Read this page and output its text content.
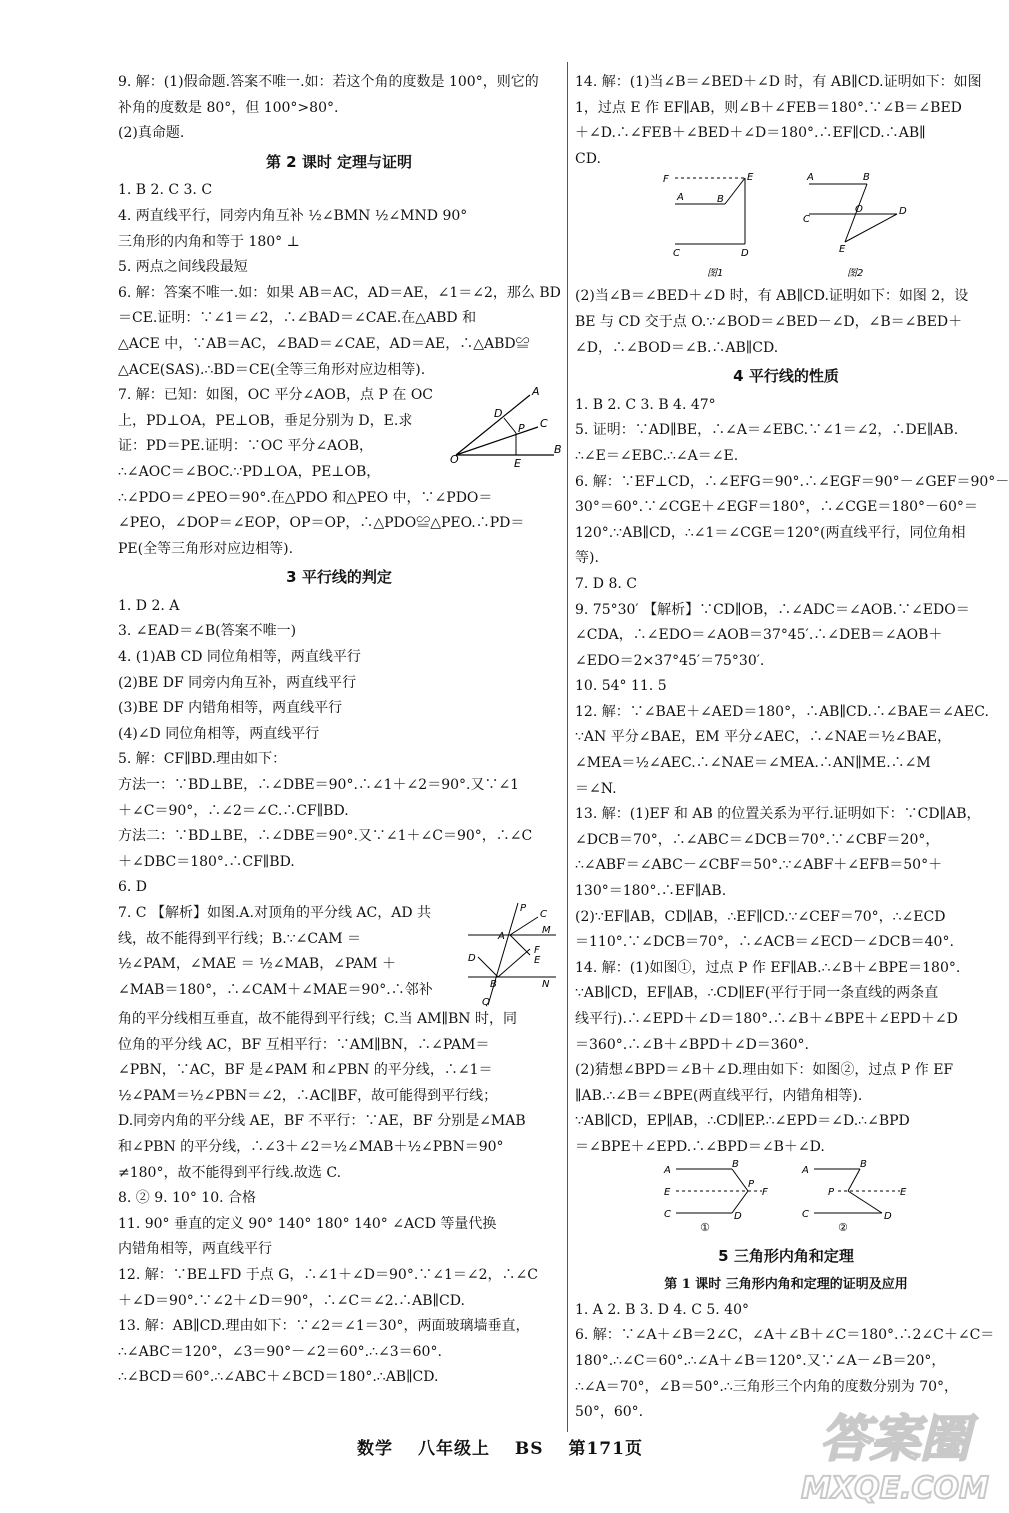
9. 解：(1)假命题.答案不唯一.如：若这个角的度数是 100°，则它的
补角的度数是 80°，但 100°>80°.
(2)真命题.
第 2 课时 定理与证明
1. B 2. C 3. C
4. 两直线平行，同旁内角互补 ½∠BMN ½∠MND 90°
三角形的内角和等于 180° ⊥
5. 两点之间线段最短
6. 解：答案不唯一.如：如果 AB＝AC，AD＝AE，∠1＝∠2，那么 BD
＝CE.证明：∵∠1＝∠2，∴∠BAD＝∠CAE.在△ABD 和
△ACE 中，∵AB＝AC，∠BAD＝∠CAE，AD＝AE，∴△ABD≌
△ACE(SAS).∴BD＝CE(全等三角形对应边相等).
7. 解：已知：如图，OC 平分∠AOB，点 P 在 OC
上，PD⊥OA，PE⊥OB，垂足分别为 D，E.求
证：PD＝PE.证明：∵OC 平分∠AOB，
∴∠AOC＝∠BOC.∵PD⊥OA，PE⊥OB，
O
A
B
C
D
E
P
∴∠PDO＝∠PEO＝90°.在△PDO 和△PEO 中，∵∠PDO＝
∠PEO，∠DOP＝∠EOP，OP＝OP，∴△PDO≌△PEO.∴PD＝
PE(全等三角形对应边相等).
3 平行线的判定
1. D 2. A
3. ∠EAD＝∠B(答案不唯一)
4. (1)AB CD 同位角相等，两直线平行
(2)BE DF 同旁内角互补，两直线平行
(3)BE DF 内错角相等，两直线平行
(4)∠D 同位角相等，两直线平行
5. 解：CF∥BD.理由如下：
方法一：∵BD⊥BE，∴∠DBE＝90°.∴∠1＋∠2＝90°.又∵∠1
＋∠C＝90°，∴∠2＝∠C.∴CF∥BD.
方法二：∵BD⊥BE，∴∠DBE＝90°.又∵∠1＋∠C＝90°，∴∠C
＋∠DBC＝180°.∴CF∥BD.
6. D
7. C 【解析】如图.A.对顶角的平分线 AC，AD 共
线，故不能得到平行线；B.∵∠CAM ＝
½∠PAM，∠MAE ＝ ½∠MAB，∠PAM ＋
∠MAB＝180°，∴∠CAM＋∠MAE＝90°.∴邻补
P
C
M
F
E
N
A
B
D
Q
角的平分线相互垂直，故不能得到平行线；C.当 AM∥BN 时，同
位角的平分线 AC，BF 互相平行：∵AM∥BN，∴∠PAM＝
∠PBN，∵AC，BF 是∠PAM 和∠PBN 的平分线，∴∠1＝
½∠PAM＝½∠PBN＝∠2，∴AC∥BF，故可能得到平行线；
D.同旁内角的平分线 AE，BF 不平行：∵AE，BF 分别是∠MAB
和∠PBN 的平分线，∴∠3＋∠2＝½∠MAB＋½∠PBN＝90°
≠180°，故不能得到平行线.故选 C.
8. ② 9. 10° 10. 合格
11. 90° 垂直的定义 90° 140° 180° 140° ∠ACD 等量代换
内错角相等，两直线平行
12. 解：∵BE⊥FD 于点 G，∴∠1＋∠D＝90°.∵∠1＝∠2，∴∠C
＋∠D＝90°.∵∠2＋∠D＝90°，∴∠C＝∠2.∴AB∥CD.
13. 解：AB∥CD.理由如下：∵∠2＝∠1＝30°，两面玻璃墙垂直，
∴∠ABC＝120°，∠3＝90°－∠2＝60°.∴∠3＝60°.
∴∠BCD＝60°.∴∠ABC＋∠BCD＝180°.∴AB∥CD.
14. 解：(1)当∠B＝∠BED＋∠D 时，有 AB∥CD.证明如下：如图
1，过点 E 作 EF∥AB，则∠B＋∠FEB＝180°.∵∠B＝∠BED
＋∠D.∴∠FEB＋∠BED＋∠D＝180°.∴EF∥CD.∴AB∥
CD.
F	E
A	B
C	D
图1
A	B
C
D
O
E
图2
(2)当∠B＝∠BED＋∠D 时，有 AB∥CD.证明如下：如图 2，设
BE 与 CD 交于点 O.∵∠BOD＝∠BED－∠D，∠B＝∠BED＋
∠D，∴∠BOD＝∠B.∴AB∥CD.
4 平行线的性质
1. B 2. C 3. B 4. 47°
5. 证明：∵AD∥BE，∴∠A＝∠EBC.∵∠1＝∠2，∴DE∥AB.
∴∠E＝∠EBC.∴∠A＝∠E.
6. 解：∵EF⊥CD，∴∠EFG＝90°.∴∠EGF＝90°－∠GEF＝90°－
30°＝60°.∵∠CGE＋∠EGF＝180°，∴∠CGE＝180°－60°＝
120°.∵AB∥CD，∴∠1＝∠CGE＝120°(两直线平行，同位角相
等).
7. D 8. C
9. 75°30′ 【解析】∵CD∥OB，∴∠ADC＝∠AOB.∵∠EDO＝
∠CDA，∴∠EDO＝∠AOB＝37°45′.∴∠DEB＝∠AOB＋
∠EDO＝2×37°45′＝75°30′.
10. 54° 11. 5
12. 解：∵∠BAE＋∠AED＝180°，∴AB∥CD.∴∠BAE＝∠AEC.
∵AN 平分∠BAE，EM 平分∠AEC，∴∠NAE＝½∠BAE，
∠MEA＝½∠AEC.∴∠NAE＝∠MEA.∴AN∥ME.∴∠M
＝∠N.
13. 解：(1)EF 和 AB 的位置关系为平行.证明如下：∵CD∥AB，
∠DCB＝70°，∴∠ABC＝∠DCB＝70°.∵∠CBF＝20°，
∴∠ABF＝∠ABC－∠CBF＝50°.∵∠ABF＋∠EFB＝50°＋
130°＝180°.∴EF∥AB.
(2)∵EF∥AB，CD∥AB，∴EF∥CD.∵∠CEF＝70°，∴∠ECD
＝110°.∵∠DCB＝70°，∴∠ACB＝∠ECD－∠DCB＝40°.
14. 解：(1)如图①，过点 P 作 EF∥AB.∴∠B＋∠BPE＝180°.
∵AB∥CD，EF∥AB，∴CD∥EF(平行于同一条直线的两条直
线平行).∴∠EPD＋∠D＝180°.∴∠B＋∠BPE＋∠EPD＋∠D
＝360°.∴∠B＋∠BPD＋∠D＝360°.
(2)猜想∠BPD＝∠B＋∠D.理由如下：如图②，过点 P 作 EF
∥AB.∴∠B＝∠BPE(两直线平行，内错角相等).
∵AB∥CD，EP∥AB，∴CD∥EP.∴∠EPD＝∠D.∴∠BPD
＝∠BPE＋∠EPD.∴∠BPD＝∠B＋∠D.
A
B
E
P
F
C	D
①
A
B
P	E
C	D
②
5 三角形内角和定理
第 1 课时 三角形内角和定理的证明及应用
1. A 2. B 3. D 4. C 5. 40°
6. 解：∵∠A＋∠B＝2∠C，∠A＋∠B＋∠C＝180°.∴2∠C＋∠C＝
180°.∴∠C＝60°.∴∠A＋∠B＝120°.又∵∠A－∠B＝20°，
∴∠A＝70°，∠B＝50°.∴三角形三个内角的度数分别为 70°，
50°，60°.
数学 八年级上 BS 第171页	答案圈
MXQE.COM
